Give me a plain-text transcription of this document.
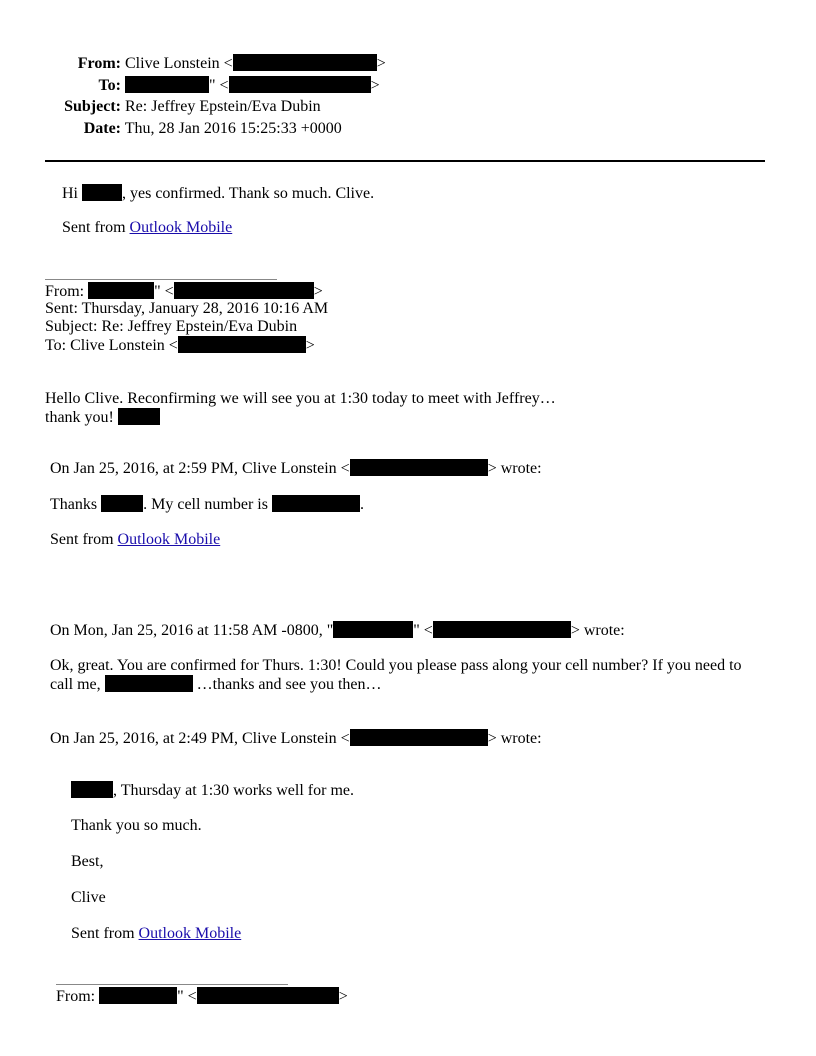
From: Clive Lonstein <	>
To:	" <	>
Subject: Re: Jeffrey Epstein/Eva Dubin
Date: Thu, 28 Jan 2016 15:25:33 +0000
Hi	, yes confirmed. Thank so much. Clive.
Sent from Outlook Mobile
From:	" <	>
Sent: Thursday, January 28, 2016 10:16 AM
Subject: Re: Jeffrey Epstein/Eva Dubin
To: Clive Lonstein <	>
Hello Clive. Reconfirming we will see you at 1:30 today to meet with Jeffrey…
thank you!
On Jan 25, 2016, at 2:59 PM, Clive Lonstein <	> wrote:
Thanks	. My cell number is	.
Sent from Outlook Mobile
On Mon, Jan 25, 2016 at 11:58 AM -0800, "	" <	> wrote:
Ok, great. You are confirmed for Thurs. 1:30! Could you please pass along your cell number? If you need to
call me,	…thanks and see you then…
On Jan 25, 2016, at 2:49 PM, Clive Lonstein <	> wrote:
, Thursday at 1:30 works well for me.
Thank you so much.
Best,
Clive
Sent from Outlook Mobile
From:	" <	>
